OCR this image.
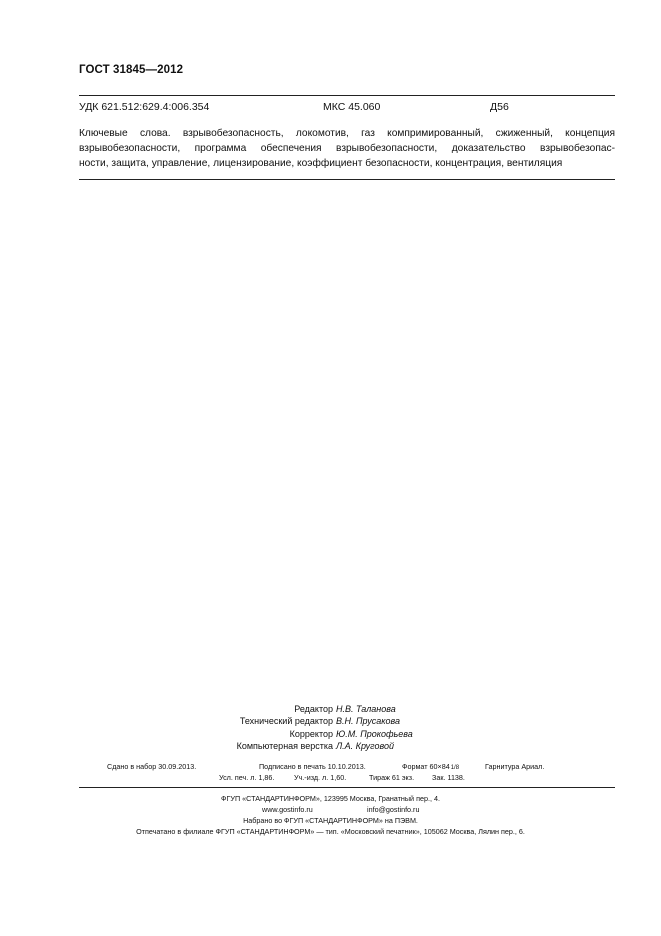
ГОСТ 31845—2012
УДК 621.512:629.4:006.354	МКС 45.060	Д56
Ключевые слова. взрывобезопасность, локомотив, газ компримированный, сжиженный, концепция
взрывобезопасности, программа обеспечения взрывобезопасности, доказательство взрывобезопас-
ности, защита, управление, лицензирование, коэффициент безопасности, концентрация, вентиляция
Редактор Н.В. Таланова
Технический редактор В.Н. Прусакова
Корректор Ю.М. Прокофьева
Компьютерная верстка Л.А. Круговой
Сдано в набор 30.09.2013.	Подписано в печать 10.10.2013.	Формат 60×841/8	Гарнитура Ариал.
Усл. печ. л. 1,86.	Уч.-изд. л. 1,60.	Тираж 61 экз. Зак. 1138.
ФГУП «СТАНДАРТИНФОРМ», 123995 Москва, Гранатный пер., 4.
www.gostinfo.ru	info@gostinfo.ru
Набрано во ФГУП «СТАНДАРТИНФОРМ» на ПЭВМ.
Отпечатано в филиале ФГУП «СТАНДАРТИНФОРМ» — тип. «Московский печатник», 105062 Москва, Лялин пер., 6.
